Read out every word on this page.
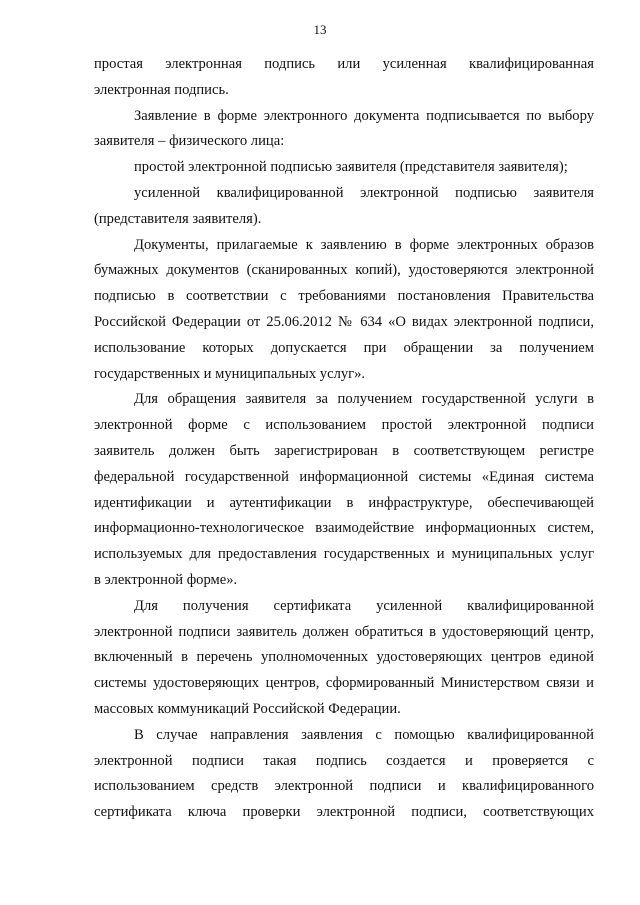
13

простая электронная подпись или усиленная квалифицированная

электронная подпись.

Заявление в форме электронного документа подписывается по выбору

заявителя – физического лица:

простой электронной подписью заявителя (представителя заявителя);

усиленной квалифицированной электронной подписью заявителя

(представителя заявителя).

Документы, прилагаемые к заявлению в форме электронных образов

бумажных документов (сканированных копий), удостоверяются электронной

подписью в соответствии с требованиями постановления Правительства

Российской Федерации от 25.06.2012 № 634 «О видах электронной подписи,

использование которых допускается при обращении за получением

государственных и муниципальных услуг».

Для обращения заявителя за получением государственной услуги в

электронной форме с использованием простой электронной подписи

заявитель должен быть зарегистрирован в соответствующем регистре

федеральной государственной информационной системы «Единая система

идентификации и аутентификации в инфраструктуре, обеспечивающей

информационно-технологическое взаимодействие информационных систем,

используемых для предоставления государственных и муниципальных услуг

в электронной форме».

Для получения сертификата усиленной квалифицированной

электронной подписи заявитель должен обратиться в удостоверяющий центр,

включенный в перечень уполномоченных удостоверяющих центров единой

системы удостоверяющих центров, сформированный Министерством связи и

массовых коммуникаций Российской Федерации.

В случае направления заявления с помощью квалифицированной

электронной подписи такая подпись создается и проверяется с

использованием средств электронной подписи и квалифицированного

сертификата ключа проверки электронной подписи, соответствующих
